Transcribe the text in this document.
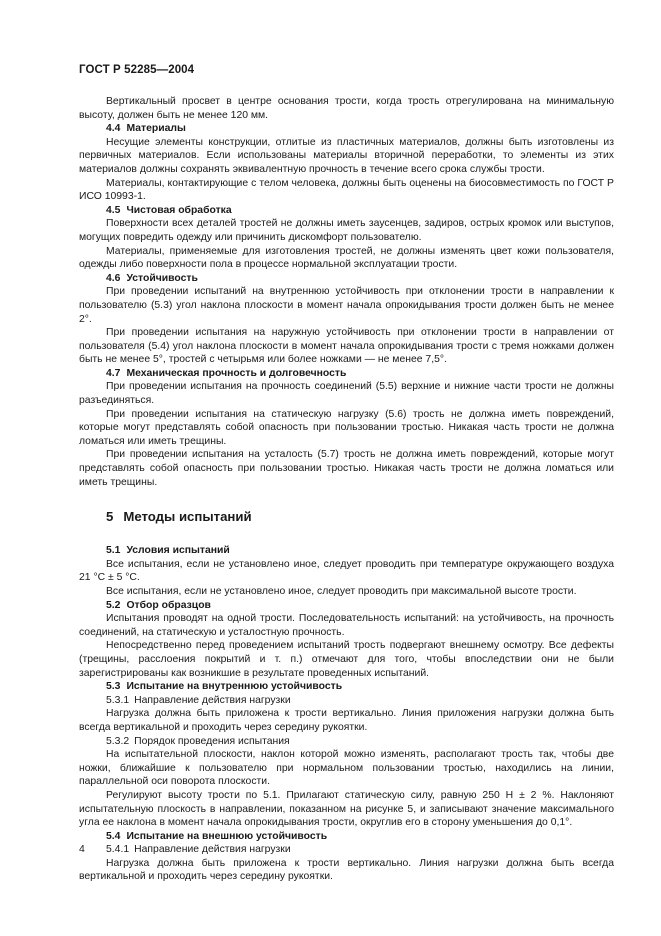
ГОСТ Р 52285—2004

Вертикальный просвет в центре основания трости, когда трость отрегулирована на минимальную высоту, должен быть не менее 120 мм.

4.4 Материалы

Несущие элементы конструкции, отлитые из пластичных материалов, должны быть изготовлены из первичных материалов. Если использованы материалы вторичной переработки, то элементы из этих материалов должны сохранять эквивалентную прочность в течение всего срока службы трости.

Материалы, контактирующие с телом человека, должны быть оценены на биосовместимость по ГОСТ Р ИСО 10993-1.

4.5 Чистовая обработка

Поверхности всех деталей тростей не должны иметь заусенцев, задиров, острых кромок или выступов, могущих повредить одежду или причинить дискомфорт пользователю.

Материалы, применяемые для изготовления тростей, не должны изменять цвет кожи пользователя, одежды либо поверхности пола в процессе нормальной эксплуатации трости.

4.6 Устойчивость

При проведении испытаний на внутреннюю устойчивость при отклонении трости в направлении к пользователю (5.3) угол наклона плоскости в момент начала опрокидывания трости должен быть не менее 2°.

При проведении испытания на наружную устойчивость при отклонении трости в направлении от пользователя (5.4) угол наклона плоскости в момент начала опрокидывания трости с тремя ножками должен быть не менее 5°, тростей с четырьмя или более ножками — не менее 7,5°.

4.7 Механическая прочность и долговечность

При проведении испытания на прочность соединений (5.5) верхние и нижние части трости не должны разъединяться.

При проведении испытания на статическую нагрузку (5.6) трость не должна иметь повреждений, которые могут представлять собой опасность при пользовании тростью. Никакая часть трости не должна ломаться или иметь трещины.

При проведении испытания на усталость (5.7) трость не должна иметь повреждений, которые могут представлять собой опасность при пользовании тростью. Никакая часть трости не должна ломаться или иметь трещины.

5 Методы испытаний
5.1 Условия испытаний

Все испытания, если не установлено иное, следует проводить при температуре окружающего воздуха 21 °С ± 5 °С.

Все испытания, если не установлено иное, следует проводить при максимальной высоте трости.

5.2 Отбор образцов

Испытания проводят на одной трости. Последовательность испытаний: на устойчивость, на прочность соединений, на статическую и усталостную прочность.

Непосредственно перед проведением испытаний трость подвергают внешнему осмотру. Все дефекты (трещины, расслоения покрытий и т. п.) отмечают для того, чтобы впоследствии они не были зарегистрированы как возникшие в результате проведенных испытаний.

5.3 Испытание на внутреннюю устойчивость
5.3.1 Направление действия нагрузки

Нагрузка должна быть приложена к трости вертикально. Линия приложения нагрузки должна быть всегда вертикальной и проходить через середину рукоятки.

5.3.2 Порядок проведения испытания

На испытательной плоскости, наклон которой можно изменять, располагают трость так, чтобы две ножки, ближайшие к пользователю при нормальном пользовании тростью, находились на линии, параллельной оси поворота плоскости.

Регулируют высоту трости по 5.1. Прилагают статическую силу, равную 250 Н ± 2 %. Наклоняют испытательную плоскость в направлении, показанном на рисунке 5, и записывают значение максимального угла ее наклона в момент начала опрокидывания трости, округлив его в сторону уменьшения до 0,1°.

5.4 Испытание на внешнюю устойчивость
5.4.1 Направление действия нагрузки

Нагрузка должна быть приложена к трости вертикально. Линия нагрузки должна быть всегда вертикальной и проходить через середину рукоятки.

4
